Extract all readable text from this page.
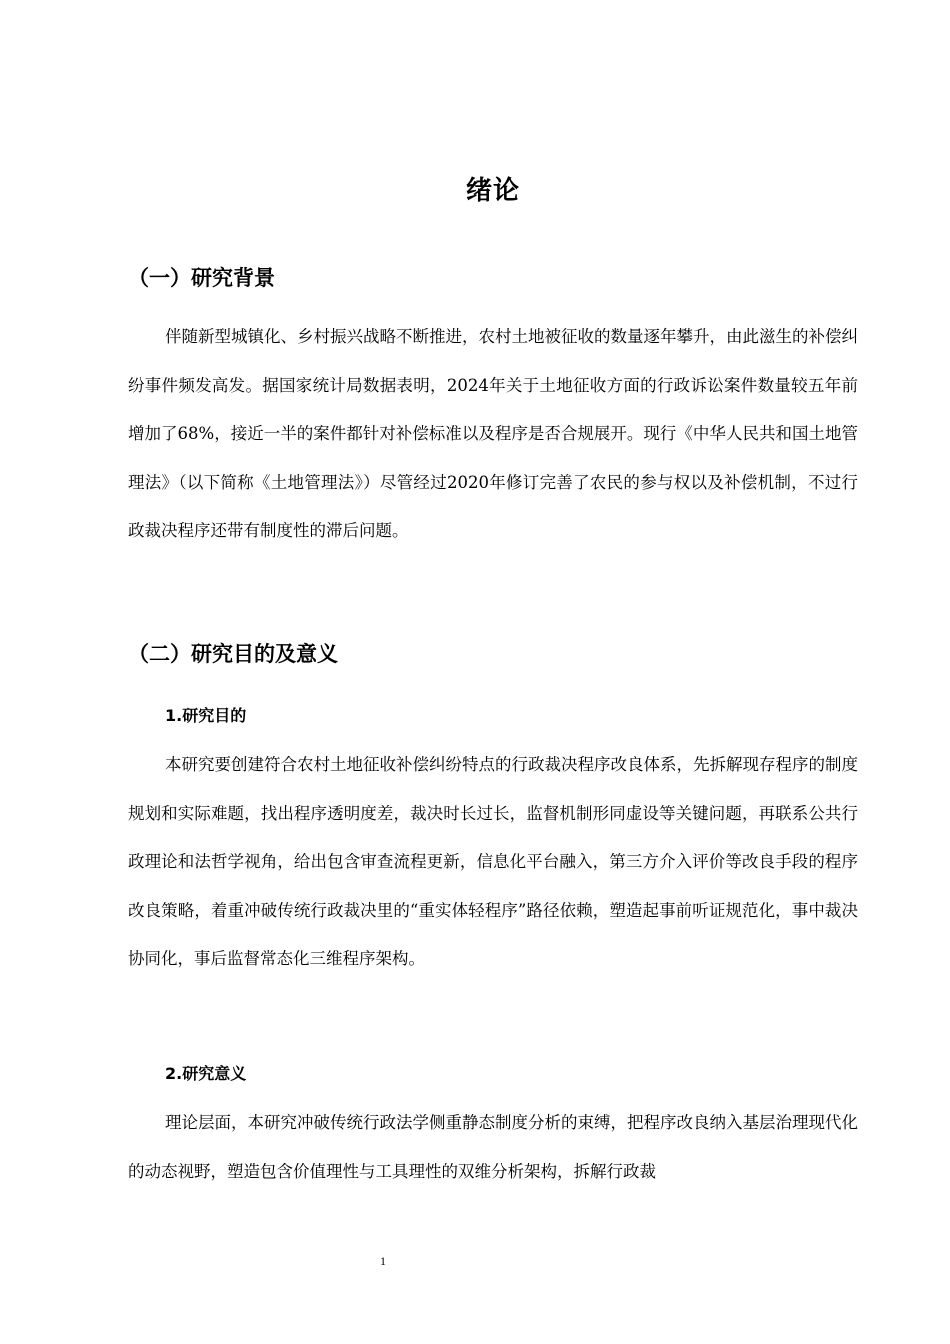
绪论
（一）研究背景

伴随新型城镇化、乡村振兴战略不断推进，农村土地被征收的数量逐年攀升，由此滋生的补偿纠纷事件频发高发。据国家统计局数据表明，2024年关于土地征收方面的行政诉讼案件数量较五年前增加了68%，接近一半的案件都针对补偿标准以及程序是否合规展开。现行《中华人民共和国土地管理法》（以下简称《土地管理法》）尽管经过2020年修订完善了农民的参与权以及补偿机制，不过行政裁决程序还带有制度性的滞后问题。

（二）研究目的及意义
1.研究目的

本研究要创建符合农村土地征收补偿纠纷特点的行政裁决程序改良体系，先拆解现存程序的制度规划和实际难题，找出程序透明度差，裁决时长过长，监督机制形同虚设等关键问题，再联系公共行政理论和法哲学视角，给出包含审查流程更新，信息化平台融入，第三方介入评价等改良手段的程序改良策略，着重冲破传统行政裁决里的“重实体轻程序”路径依赖，塑造起事前听证规范化，事中裁决协同化，事后监督常态化三维程序架构。

2.研究意义

理论层面，本研究冲破传统行政法学侧重静态制度分析的束缚，把程序改良纳入基层治理现代化的动态视野，塑造包含价值理性与工具理性的双维分析架构，拆解行政裁

1
